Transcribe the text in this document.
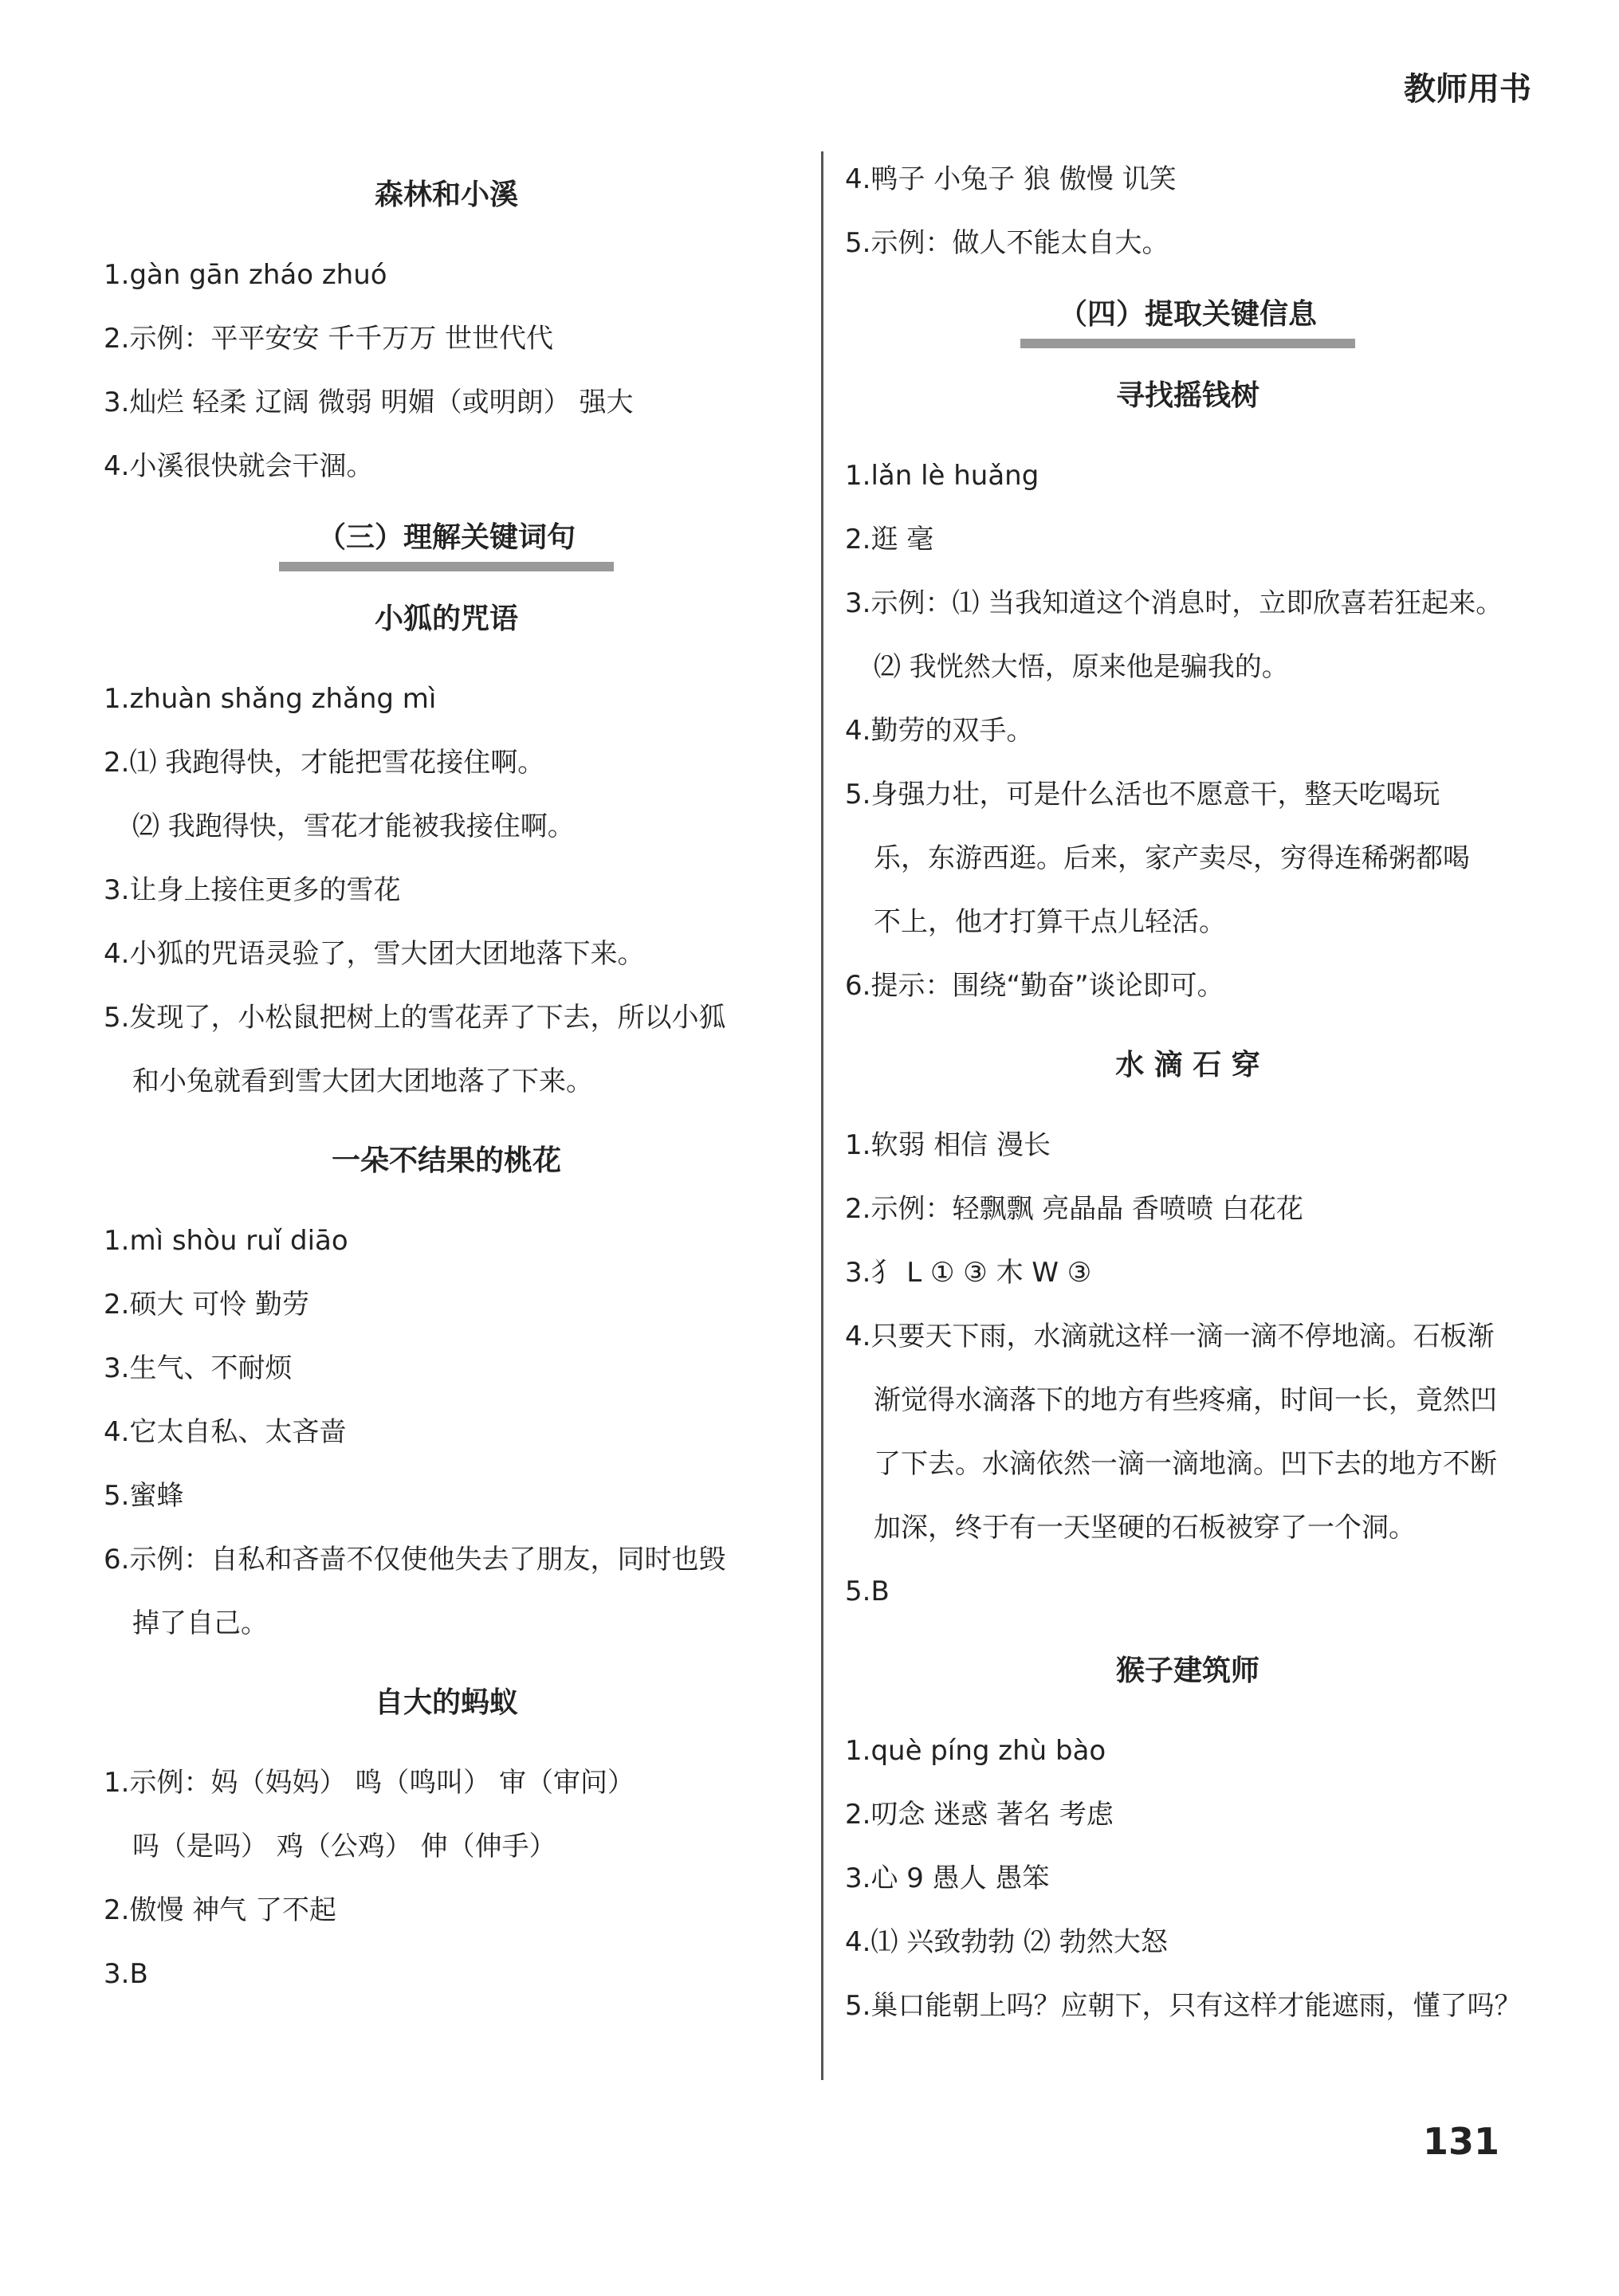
教师用书
森林和小溪
1.gàn gān zháo zhuó
2.示例：平平安安 千千万万 世世代代
3.灿烂 轻柔 辽阔 微弱 明媚（或明朗） 强大
4.小溪很快就会干涸。
（三）理解关键词句
小狐的咒语
1.zhuàn shǎng zhǎng mì
2.⑴ 我跑得快，才能把雪花接住啊。
⑵ 我跑得快，雪花才能被我接住啊。
3.让身上接住更多的雪花
4.小狐的咒语灵验了，雪大团大团地落下来。
5.发现了，小松鼠把树上的雪花弄了下去，所以小狐
和小兔就看到雪大团大团地落了下来。
一朵不结果的桃花
1.mì shòu ruǐ diāo
2.硕大 可怜 勤劳
3.生气、不耐烦
4.它太自私、太吝啬
5.蜜蜂
6.示例：自私和吝啬不仅使他失去了朋友，同时也毁
掉了自己。
自大的蚂蚁
1.示例：妈（妈妈） 鸣（鸣叫） 审（审问）
吗（是吗） 鸡（公鸡） 伸（伸手）
2.傲慢 神气 了不起
3.B
4.鸭子 小兔子 狼 傲慢 讥笑
5.示例：做人不能太自大。
（四）提取关键信息
寻找摇钱树
1.lǎn lè huǎng
2.逛 毫
3.示例：⑴ 当我知道这个消息时，立即欣喜若狂起来。
⑵ 我恍然大悟，原来他是骗我的。
4.勤劳的双手。
5.身强力壮，可是什么活也不愿意干，整天吃喝玩
乐，东游西逛。后来，家产卖尽，穷得连稀粥都喝
不上，他才打算干点儿轻活。
6.提示：围绕“勤奋”谈论即可。
水 滴 石 穿
1.软弱 相信 漫长
2.示例：轻飘飘 亮晶晶 香喷喷 白花花
3.⺨ L ① ③ 木 W ③
4.只要天下雨，水滴就这样一滴一滴不停地滴。石板渐
渐觉得水滴落下的地方有些疼痛，时间一长，竟然凹
了下去。水滴依然一滴一滴地滴。凹下去的地方不断
加深，终于有一天坚硬的石板被穿了一个洞。
5.B
猴子建筑师
1.què píng zhù bào
2.叨念 迷惑 著名 考虑
3.心 9 愚人 愚笨
4.⑴ 兴致勃勃 ⑵ 勃然大怒
5.巢口能朝上吗？应朝下，只有这样才能遮雨，懂了吗？
131
